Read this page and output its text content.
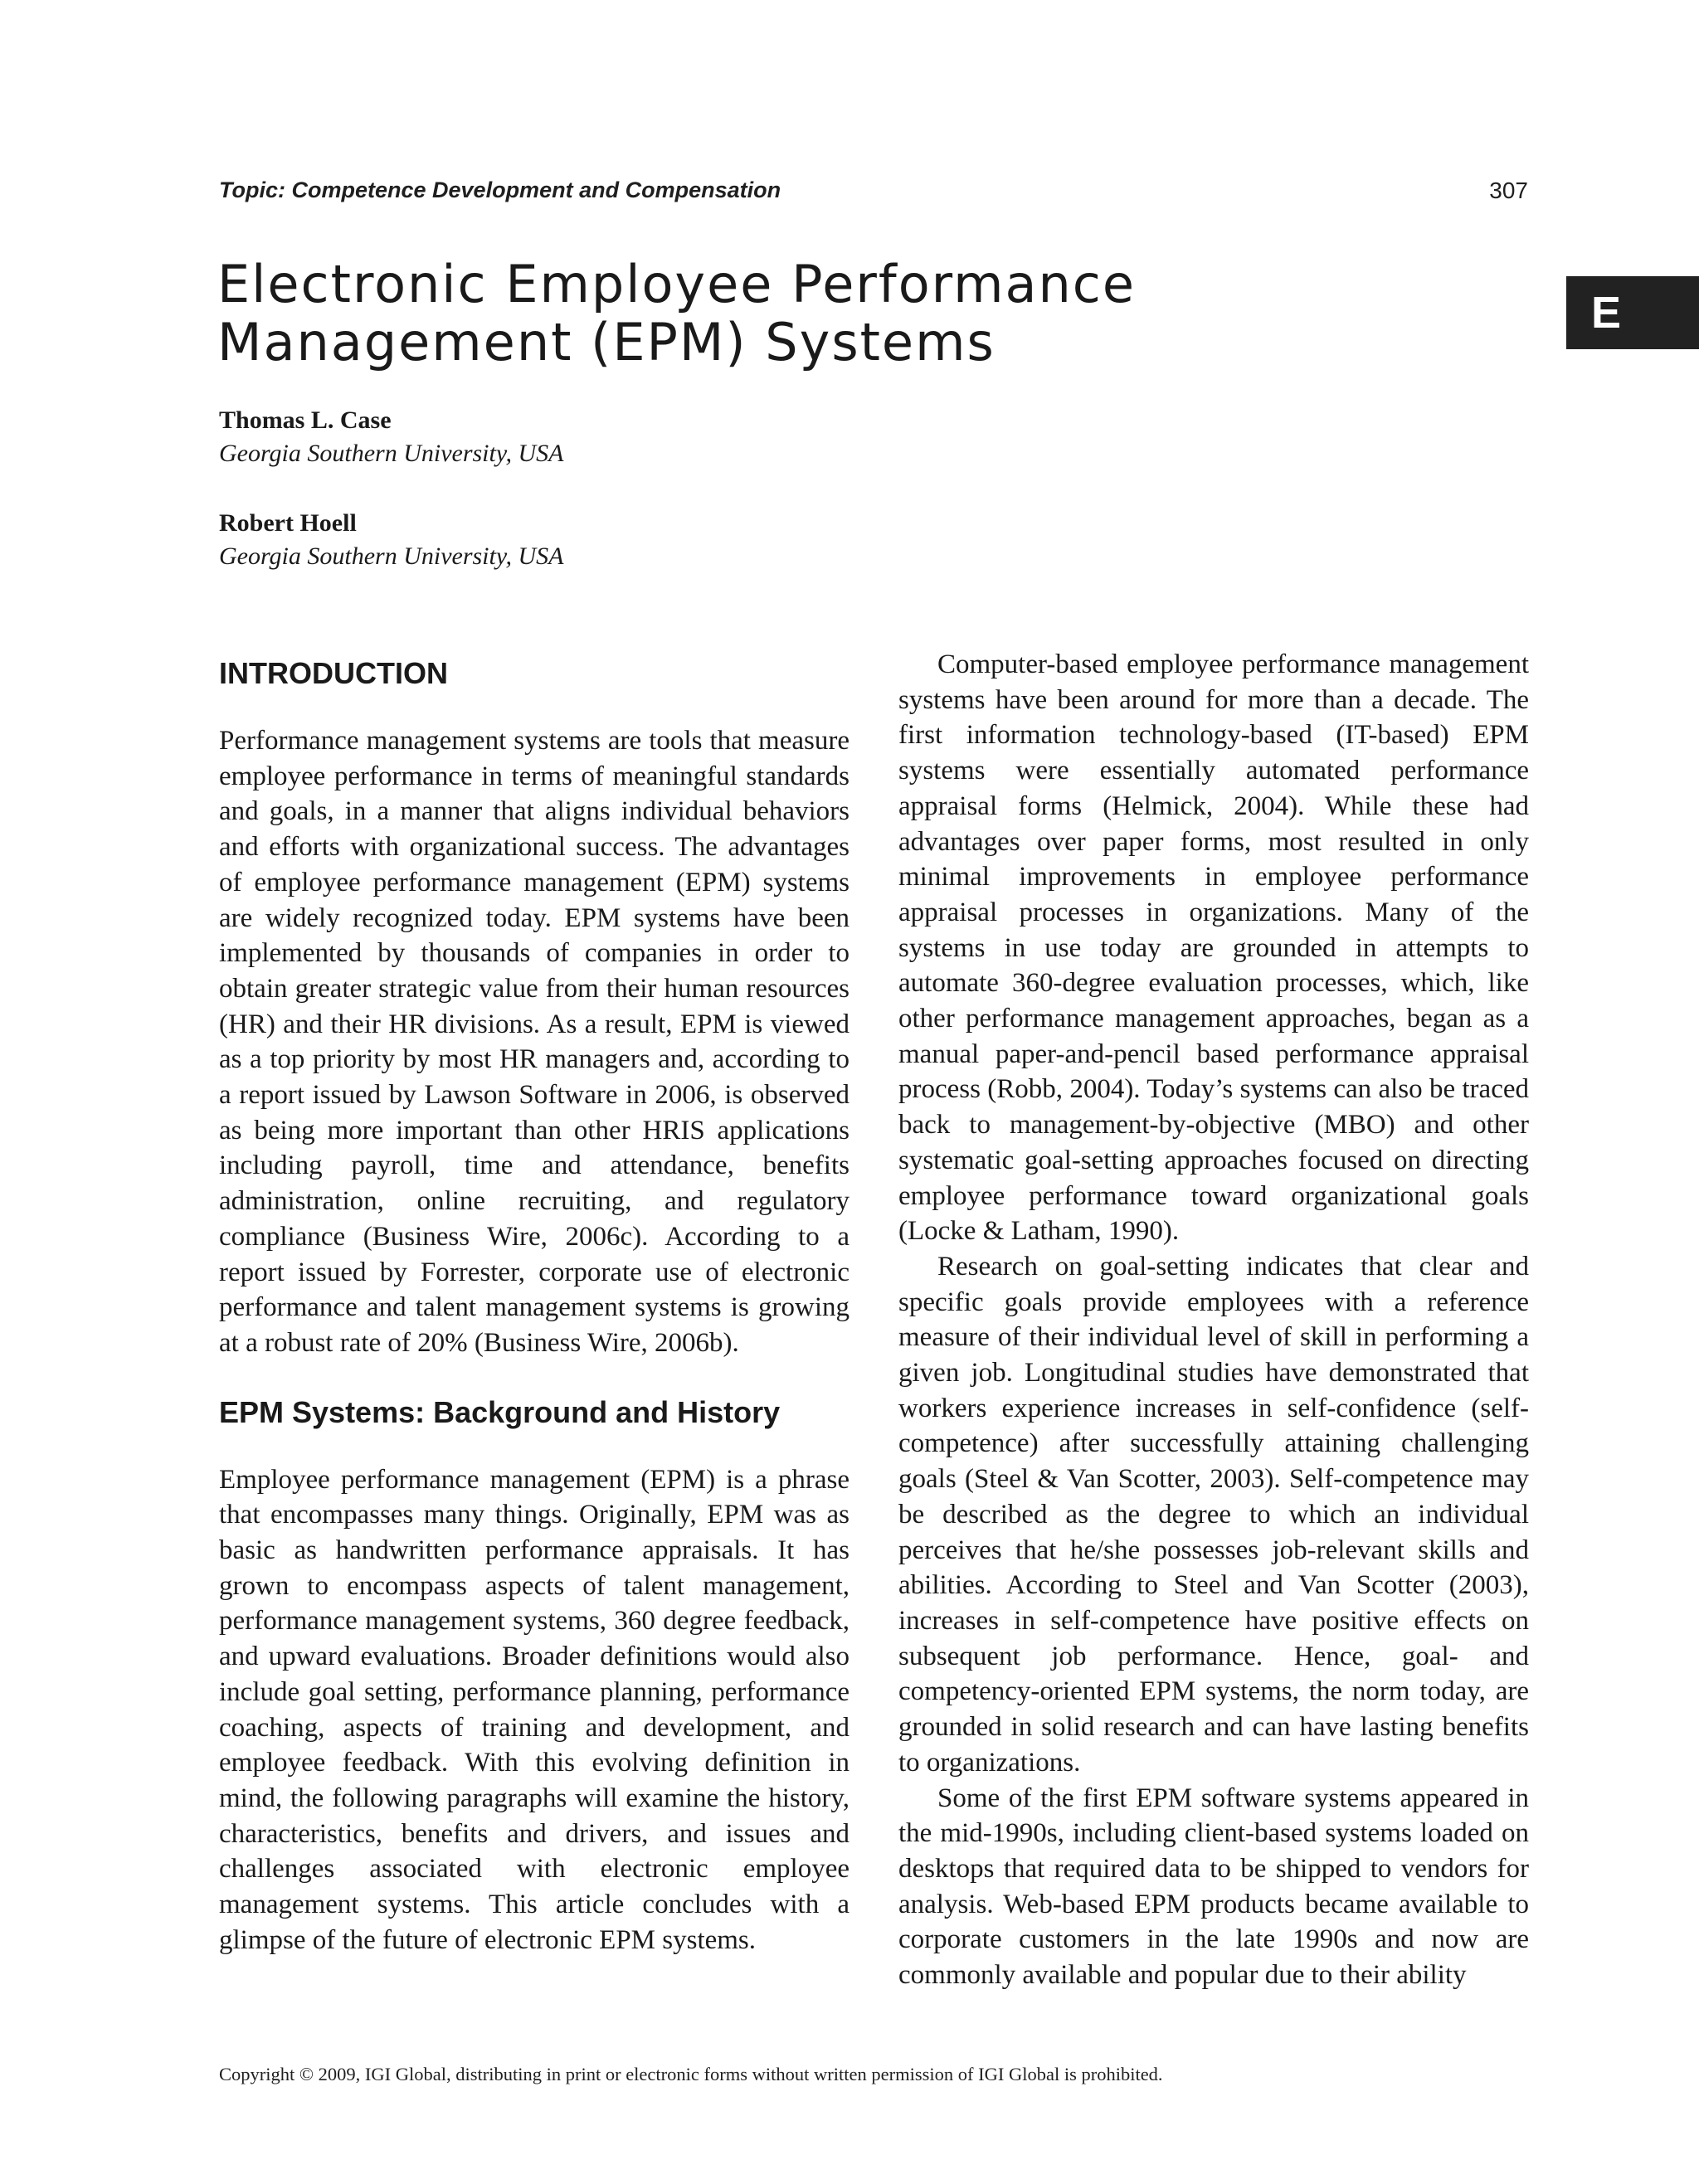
Topic: Competence Development and Compensation	307
E
Electronic Employee Performance
Management (EPM) Systems
Thomas L. Case
Georgia Southern University, USA
Robert Hoell
Georgia Southern University, USA
INTRODUCTION

Performance management systems are tools that measure employee performance in terms of meaningful standards and goals, in a manner that aligns individual behaviors and efforts with organizational success. The advantages of employee performance management (EPM) systems are widely recognized today. EPM systems have been implemented by thousands of companies in order to obtain greater strategic value from their human resources (HR) and their HR divisions. As a result, EPM is viewed as a top priority by most HR managers and, according to a report issued by Lawson Software in 2006, is observed as being more important than other HRIS applications including payroll, time and attendance, benefits administration, online recruiting, and regulatory compliance (Business Wire, 2006c). According to a report issued by Forrester, corporate use of electronic performance and talent management systems is growing at a robust rate of 20% (Business Wire, 2006b).

EPM Systems: Background and History

Employee performance management (EPM) is a phrase that encompasses many things. Originally, EPM was as basic as handwritten performance appraisals. It has grown to encompass aspects of talent management, performance management systems, 360 degree feedback, and upward evaluations. Broader definitions would also include goal setting, performance planning, performance coaching, aspects of training and development, and employee feedback. With this evolving definition in mind, the following paragraphs will examine the history, characteristics, benefits and drivers, and issues and challenges associated with electronic employee management systems. This article concludes with a glimpse of the future of electronic EPM systems.

Computer-based employee performance management systems have been around for more than a decade. The first information technology-based (IT-based) EPM systems were essentially automated performance appraisal forms (Helmick, 2004). While these had advantages over paper forms, most resulted in only minimal improvements in employee performance appraisal processes in organizations. Many of the systems in use today are grounded in attempts to automate 360-degree evaluation processes, which, like other performance management approaches, began as a manual paper-and-pencil based performance appraisal process (Robb, 2004). Today’s systems can also be traced back to management-by-objective (MBO) and other systematic goal-setting approaches focused on directing employee performance toward organizational goals (Locke & Latham, 1990).

Research on goal-setting indicates that clear and specific goals provide employees with a reference measure of their individual level of skill in performing a given job. Longitudinal studies have demonstrated that workers experience increases in self-confidence (self-competence) after successfully attaining challenging goals (Steel & Van Scotter, 2003). Self-competence may be described as the degree to which an individual perceives that he/she possesses job-relevant skills and abilities. According to Steel and Van Scotter (2003), increases in self-competence have positive effects on subsequent job performance. Hence, goal- and competency-oriented EPM systems, the norm today, are grounded in solid research and can have lasting benefits to organizations.

Some of the first EPM software systems appeared in the mid-1990s, including client-based systems loaded on desktops that required data to be shipped to vendors for analysis. Web-based EPM products became available to corporate customers in the late 1990s and now are commonly available and popular due to their ability

Copyright © 2009, IGI Global, distributing in print or electronic forms without written permission of IGI Global is prohibited.
